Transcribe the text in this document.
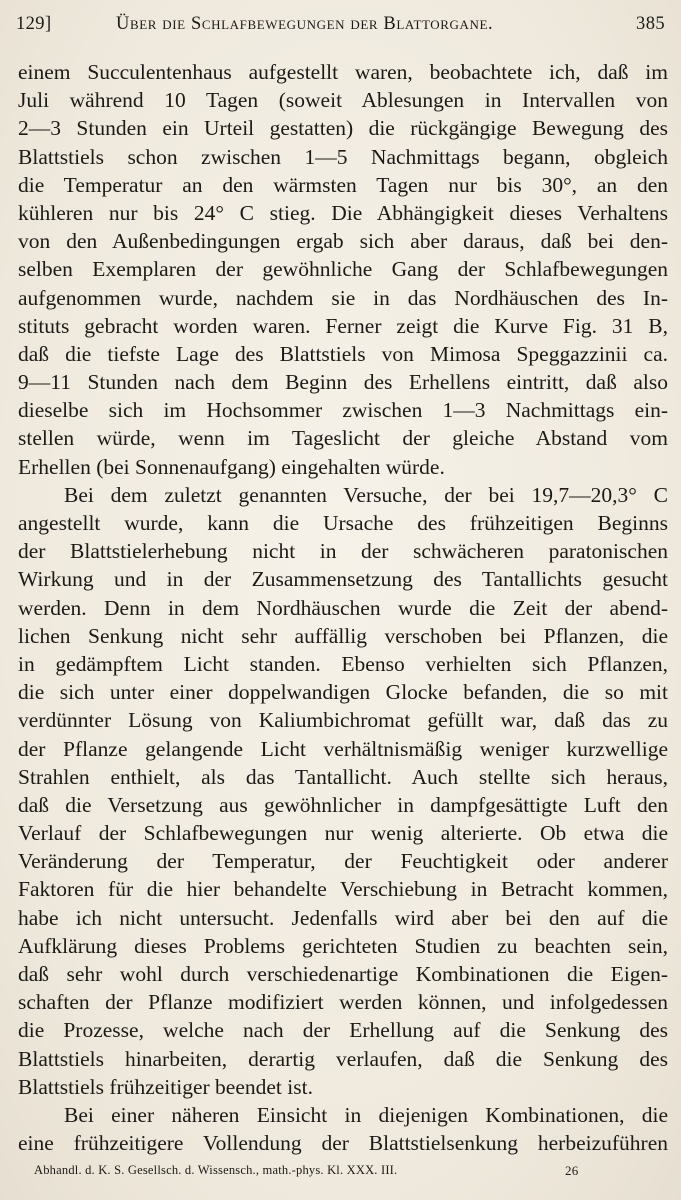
129]	Über die Schlafbewegungen der Blattorgane.	385
einem Succulentenhaus aufgestellt waren, beobachtete ich, daß im
Juli während 10 Tagen (soweit Ablesungen in Intervallen von
2—3 Stunden ein Urteil gestatten) die rückgängige Bewegung des
Blattstiels schon zwischen 1—5 Nachmittags begann, obgleich
die Temperatur an den wärmsten Tagen nur bis 30°, an den
kühleren nur bis 24° C stieg. Die Abhängigkeit dieses Verhaltens
von den Außenbedingungen ergab sich aber daraus, daß bei den-
selben Exemplaren der gewöhnliche Gang der Schlafbewegungen
aufgenommen wurde, nachdem sie in das Nordhäuschen des In-
stituts gebracht worden waren. Ferner zeigt die Kurve Fig. 31 B,
daß die tiefste Lage des Blattstiels von Mimosa Speggazzinii ca.
9—11 Stunden nach dem Beginn des Erhellens eintritt, daß also
dieselbe sich im Hochsommer zwischen 1—3 Nachmittags ein-
stellen würde, wenn im Tageslicht der gleiche Abstand vom
Erhellen (bei Sonnenaufgang) eingehalten würde.
Bei dem zuletzt genannten Versuche, der bei 19,7—20,3° C
angestellt wurde, kann die Ursache des frühzeitigen Beginns
der Blattstielerhebung nicht in der schwächeren paratonischen
Wirkung und in der Zusammensetzung des Tantallichts gesucht
werden. Denn in dem Nordhäuschen wurde die Zeit der abend-
lichen Senkung nicht sehr auffällig verschoben bei Pflanzen, die
in gedämpftem Licht standen. Ebenso verhielten sich Pflanzen,
die sich unter einer doppelwandigen Glocke befanden, die so mit
verdünnter Lösung von Kaliumbichromat gefüllt war, daß das zu
der Pflanze gelangende Licht verhältnismäßig weniger kurzwellige
Strahlen enthielt, als das Tantallicht. Auch stellte sich heraus,
daß die Versetzung aus gewöhnlicher in dampfgesättigte Luft den
Verlauf der Schlafbewegungen nur wenig alterierte. Ob etwa die
Veränderung der Temperatur, der Feuchtigkeit oder anderer
Faktoren für die hier behandelte Verschiebung in Betracht kommen,
habe ich nicht untersucht. Jedenfalls wird aber bei den auf die
Aufklärung dieses Problems gerichteten Studien zu beachten sein,
daß sehr wohl durch verschiedenartige Kombinationen die Eigen-
schaften der Pflanze modifiziert werden können, und infolgedessen
die Prozesse, welche nach der Erhellung auf die Senkung des
Blattstiels hinarbeiten, derartig verlaufen, daß die Senkung des
Blattstiels frühzeitiger beendet ist.
Bei einer näheren Einsicht in diejenigen Kombinationen, die
eine frühzeitigere Vollendung der Blattstielsenkung herbeizuführen
Abhandl. d. K. S. Gesellsch. d. Wissensch., math.-phys. Kl. XXX. III.	26
